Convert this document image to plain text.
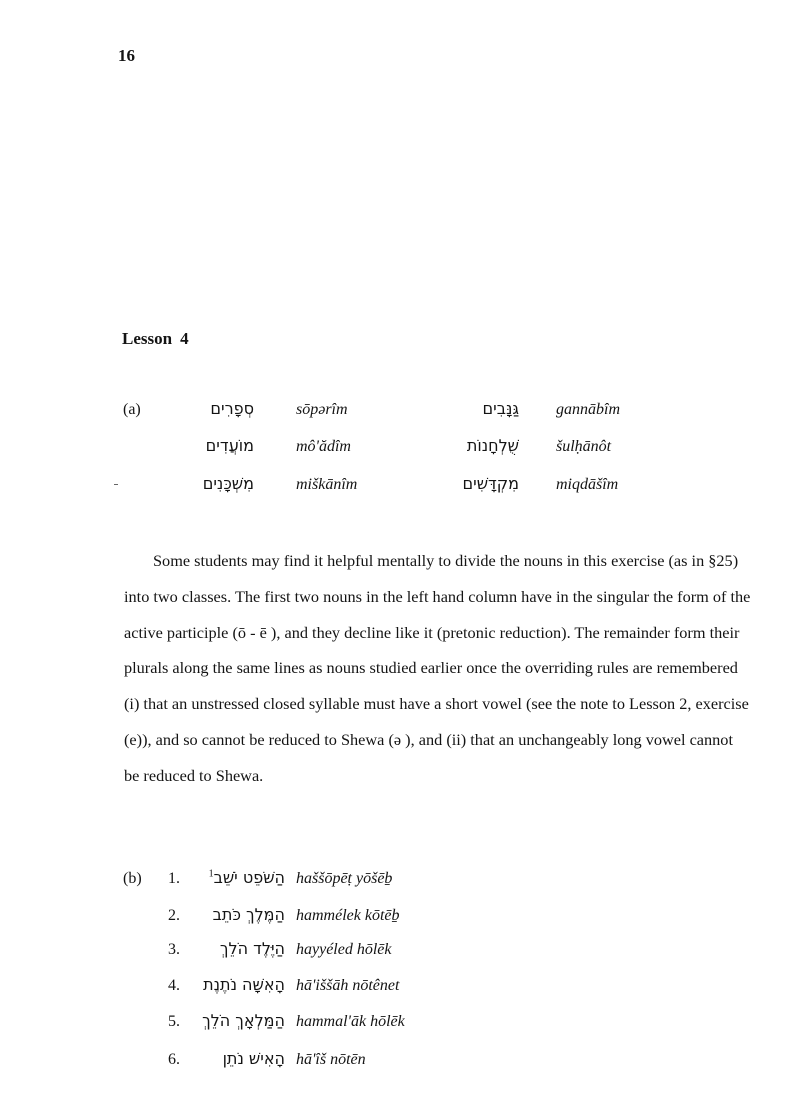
16
Lesson 4
(a)	סְפָרִים	sōpərîm	גַּנָּבִים gannābîm
מוֹעֲדִים	mô'ădîm	שֻׁלְחָנוֹת šulḥānôt
מִשְׁכָּנִים	miškānîm	מִקְדָּשִׁים miqdāšîm

Some students may find it helpful mentally to divide the nouns in this exercise (as in §25) into two classes. The first two nouns in the left hand column have in the singular the form of the active participle (ō - ē ), and they decline like it (pretonic reduction). The remainder form their plurals along the same lines as nouns studied earlier once the overriding rules are remembered (i) that an unstressed closed syllable must have a short vowel (see the note to Lesson 2, exercise (e)), and so cannot be reduced to Shewa (ə ), and (ii) that an unchangeably long vowel cannot be reduced to Shewa.

(b)	1.	הַשֹּׁפֵט יֹשֵׁב$^1$	haššōpēṭ yōšēḇ
2. הַמֶּלֶךְ כֹּתֵב hammélek kōtēḇ
3. הַיֶּלֶד הֹלֵךְ hayyéled hōlēk
4. הָאִשָּׁה נֹתֶנֶת hā'iššāh nōtênet
5. הַמַּלְאָךְ הֹלֵךְ hammal'āk hōlēk
6.	הָאִישׁ נֹתֵן hā'îš nōtēn
